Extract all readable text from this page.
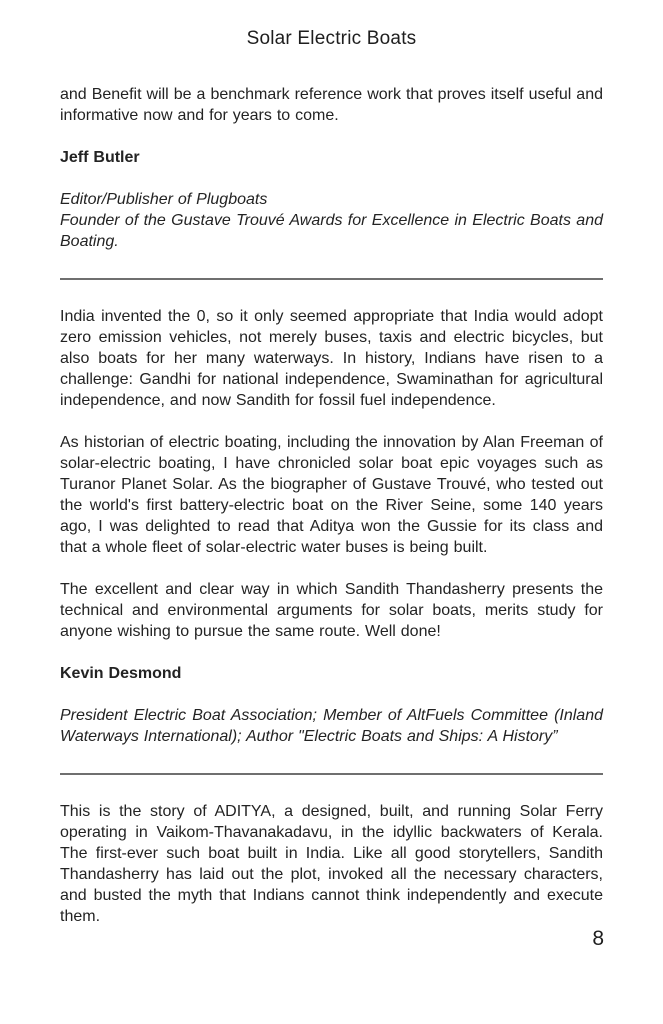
Solar Electric Boats

and Benefit will be a benchmark reference work that proves itself useful and informative now and for years to come.

Jeff Butler

Editor/Publisher of Plugboats
Founder of the Gustave Trouvé Awards for Excellence in Electric Boats and Boating.

India invented the 0, so it only seemed appropriate that India would adopt zero emission vehicles, not merely buses, taxis and electric bicycles, but also boats for her many waterways. In history, Indians have risen to a challenge: Gandhi for national independence, Swaminathan for agricultural independence, and now Sandith for fossil fuel independence.

As historian of electric boating, including the innovation by Alan Freeman of solar-electric boating, I have chronicled solar boat epic voyages such as Turanor Planet Solar. As the biographer of Gustave Trouvé, who tested out the world's first battery-electric boat on the River Seine, some 140 years ago, I was delighted to read that Aditya won the Gussie for its class and that a whole fleet of solar-electric water buses is being built.

The excellent and clear way in which Sandith Thandasherry presents the technical and environmental arguments for solar boats, merits study for anyone wishing to pursue the same route. Well done!

Kevin Desmond

President Electric Boat Association; Member of AltFuels Committee (Inland Waterways International); Author "Electric Boats and Ships: A History”

This is the story of ADITYA, a designed, built, and running Solar Ferry operating in Vaikom-Thavanakadavu, in the idyllic backwaters of Kerala. The first-ever such boat built in India. Like all good storytellers, Sandith Thandasherry has laid out the plot, invoked all the necessary characters, and busted the myth that Indians cannot think independently and execute them.

8
